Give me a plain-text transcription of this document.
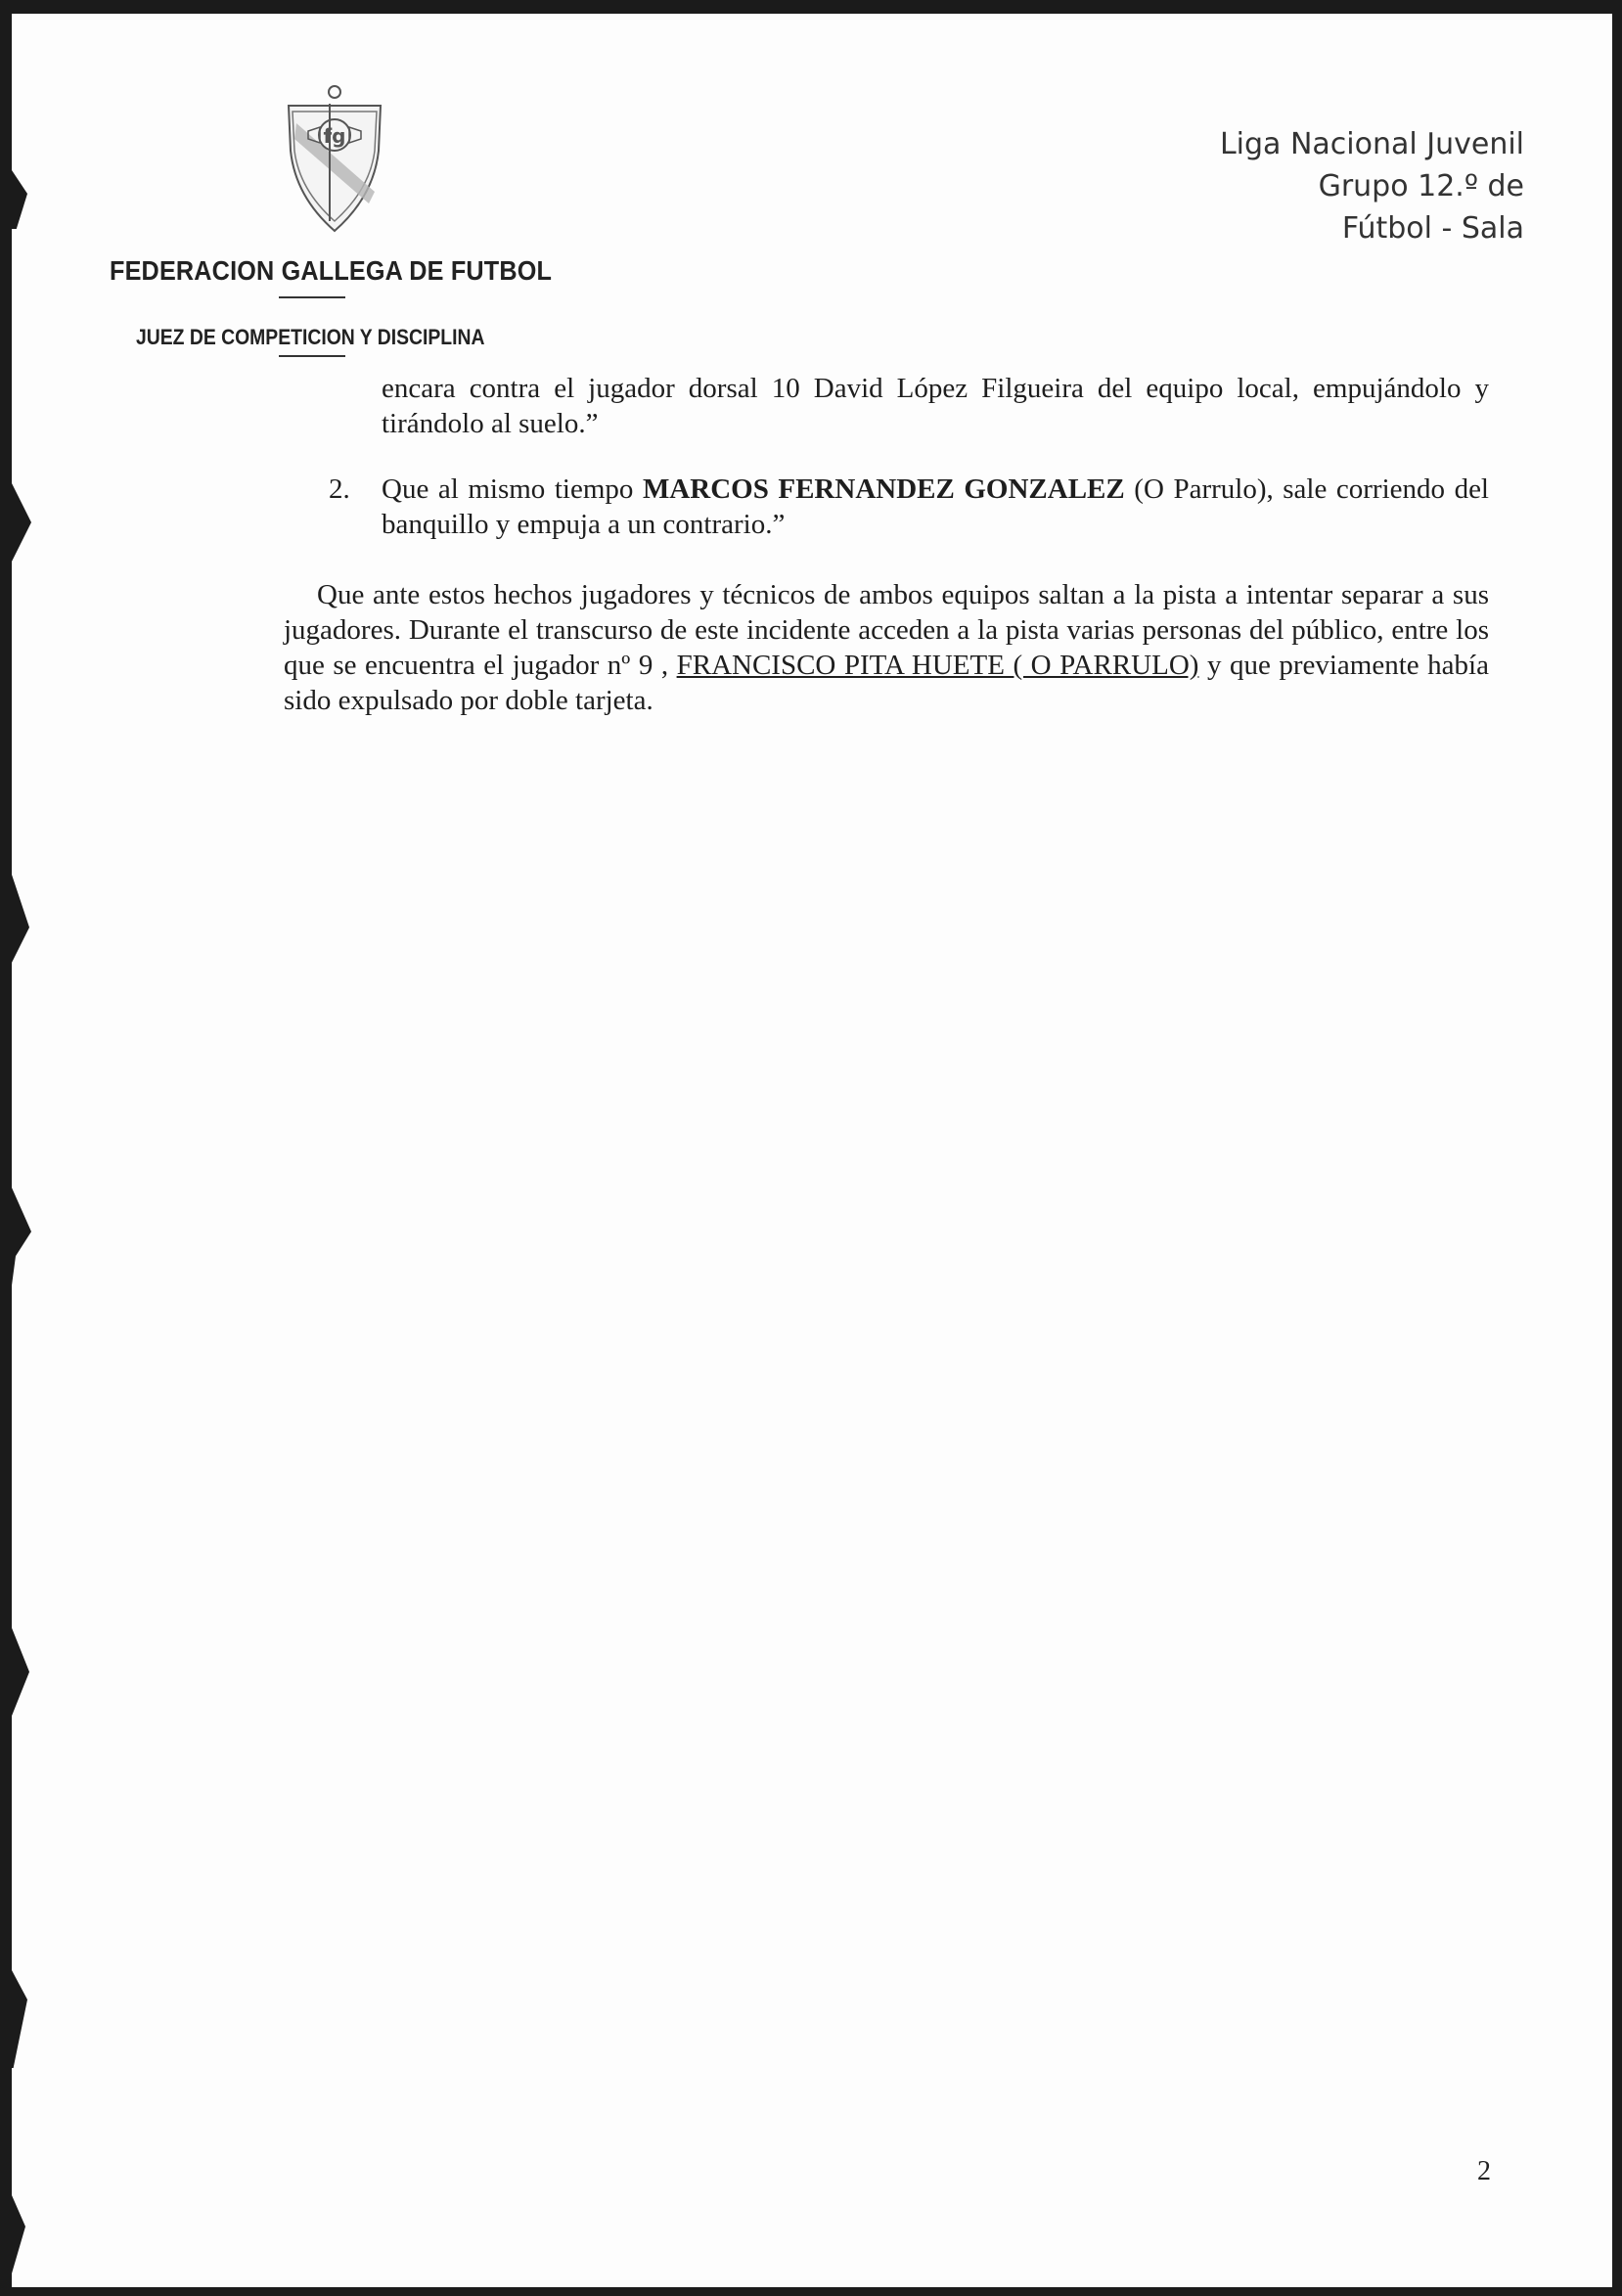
fg
FEDERACION GALLEGA DE FUTBOL
JUEZ DE COMPETICION Y DISCIPLINA
Liga Nacional Juvenil
Grupo 12.º de
Fútbol - Sala
encara contra el jugador dorsal 10 David López Filgueira del equipo local, empujándolo y tirándolo al suelo.”
2. Que al mismo tiempo MARCOS FERNANDEZ GONZALEZ (O Parrulo), sale corriendo del banquillo y empuja a un contrario.”
Que ante estos hechos jugadores y técnicos de ambos equipos saltan a la pista a intentar separar a sus jugadores. Durante el transcurso de este incidente acceden a la pista varias personas del público, entre los que se encuentra el jugador nº 9 , FRANCISCO PITA HUETE ( O PARRULO) y que previamente había sido expulsado por doble tarjeta.
2
